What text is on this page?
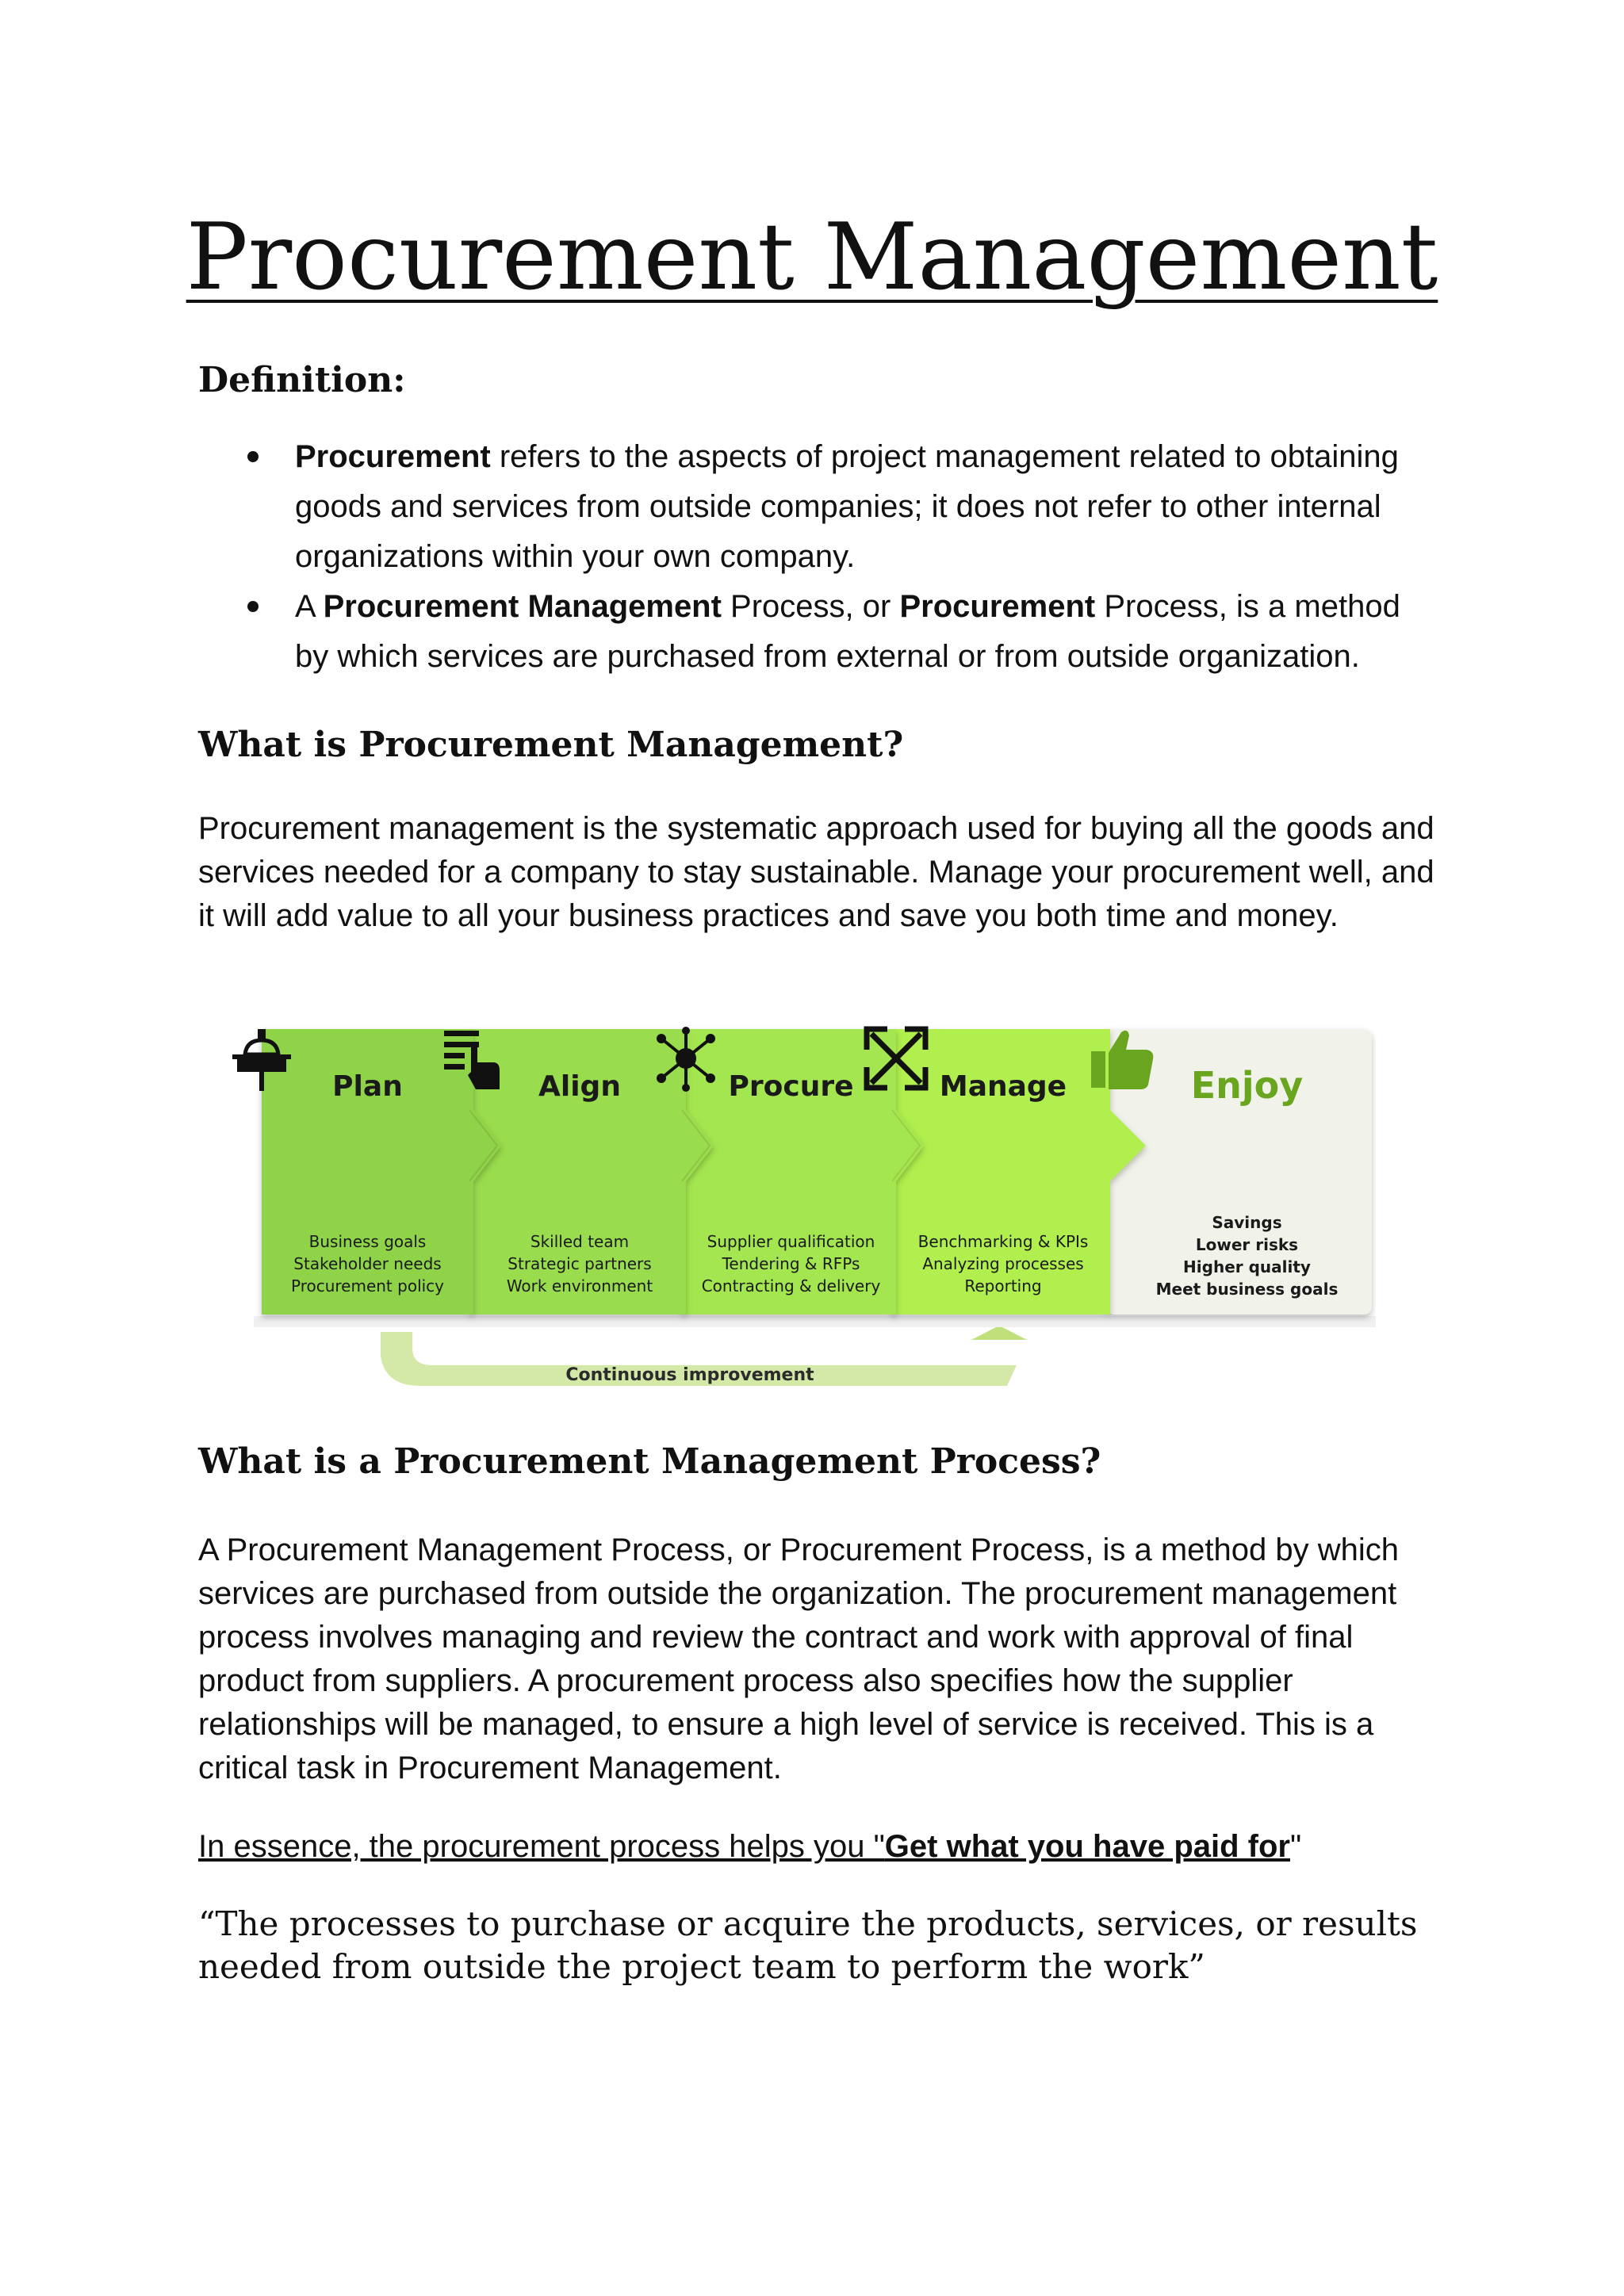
Procurement Management
Definition:
Procurement refers to the aspects of project management related to obtaining goods and services from outside companies; it does not refer to other internal organizations within your own company.
A Procurement Management Process, or Procurement Process, is a method by which services are purchased from external or from outside organization.
What is Procurement Management?

Procurement management is the systematic approach used for buying all the goods and services needed for a company to stay sustainable. Manage your procurement well, and it will add value to all your business practices and save you both time and money.

Plan
Business goals
Stakeholder needs
Procurement policy
Align
Skilled team
Strategic partners
Work environment
Procure
Supplier qualification
Tendering & RFPs
Contracting & delivery
Manage
Benchmarking & KPIs
Analyzing processes
Reporting
Enjoy
Savings
Lower risks
Higher quality
Meet business goals
Continuous improvement
What is a Procurement Management Process?

A Procurement Management Process, or Procurement Process, is a method by which services are purchased from outside the organization. The procurement management process involves managing and review the contract and work with approval of final product from suppliers. A procurement process also specifies how the supplier relationships will be managed, to ensure a high level of service is received. This is a critical task in Procurement Management.

In essence, the procurement process helps you "Get what you have paid for"

“The processes to purchase or acquire the products, services, or results needed from outside the project team to perform the work”
